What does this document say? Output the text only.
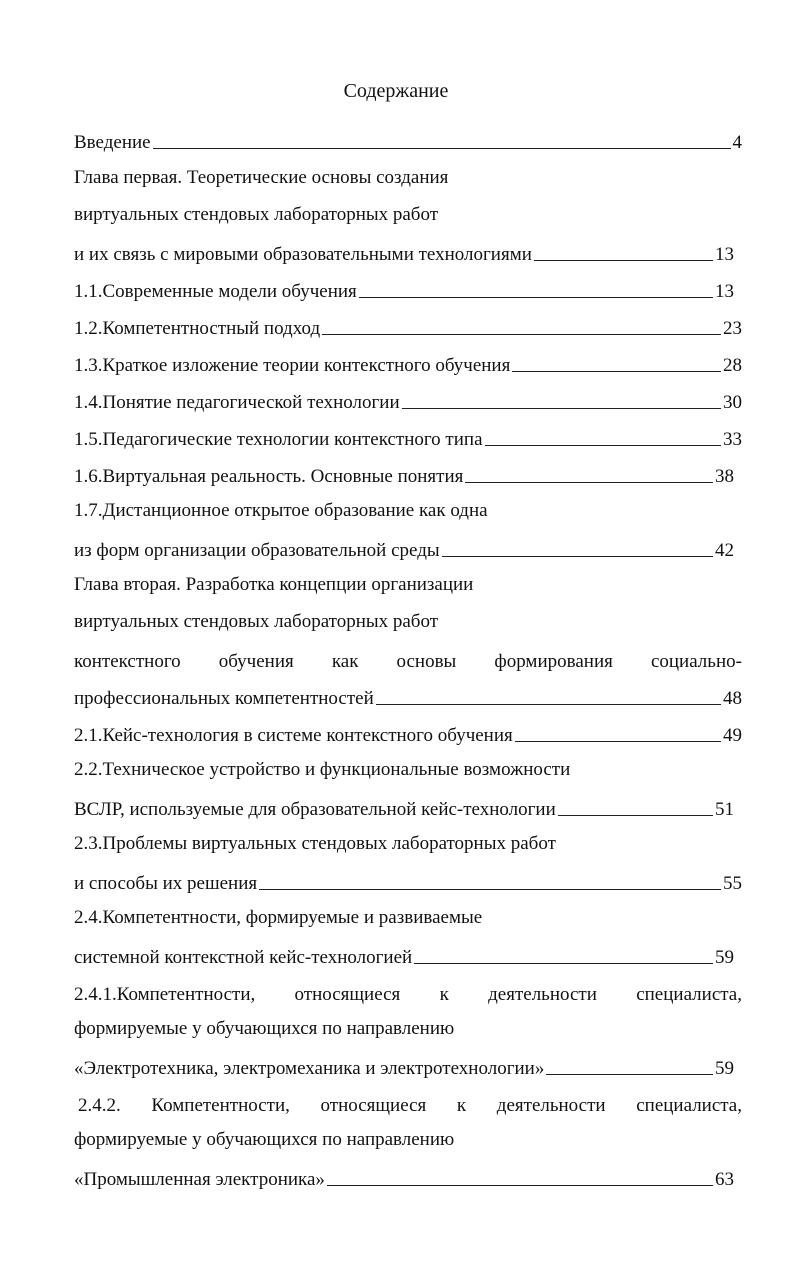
Содержание
Введение	4
Глава первая. Теоретические основы создания
виртуальных стендовых лабораторных работ
и их связь с мировыми образовательными технологиями	13
1.1.Современные модели обучения	13
1.2.Компетентностный подход	23
1.3.Краткое изложение теории контекстного обучения	28
1.4.Понятие педагогической технологии	30
1.5.Педагогические технологии контекстного типа	33
1.6.Виртуальная реальность. Основные понятия	38
1.7.Дистанционное открытое образование как одна
из форм организации образовательной среды	42
Глава вторая. Разработка концепции организации
виртуальных стендовых лабораторных работ
контекстного обучения как основы формирования социально-
профессиональных компетентностей	48
2.1.Кейс-технология в системе контекстного обучения	49
2.2.Техническое устройство и функциональные возможности
ВСЛР, используемые для образовательной кейс-технологии	51
2.3.Проблемы виртуальных стендовых лабораторных работ
и способы их решения	55
2.4.Компетентности, формируемые и развиваемые
системной контекстной кейс-технологией	59
2.4.1.Компетентности, относящиеся к деятельности специалиста,
формируемые у обучающихся по направлению
«Электротехника, электромеханика и электротехнологии»	59
2.4.2. Компетентности, относящиеся к деятельности специалиста,
формируемые у обучающихся по направлению
«Промышленная электроника»	63
